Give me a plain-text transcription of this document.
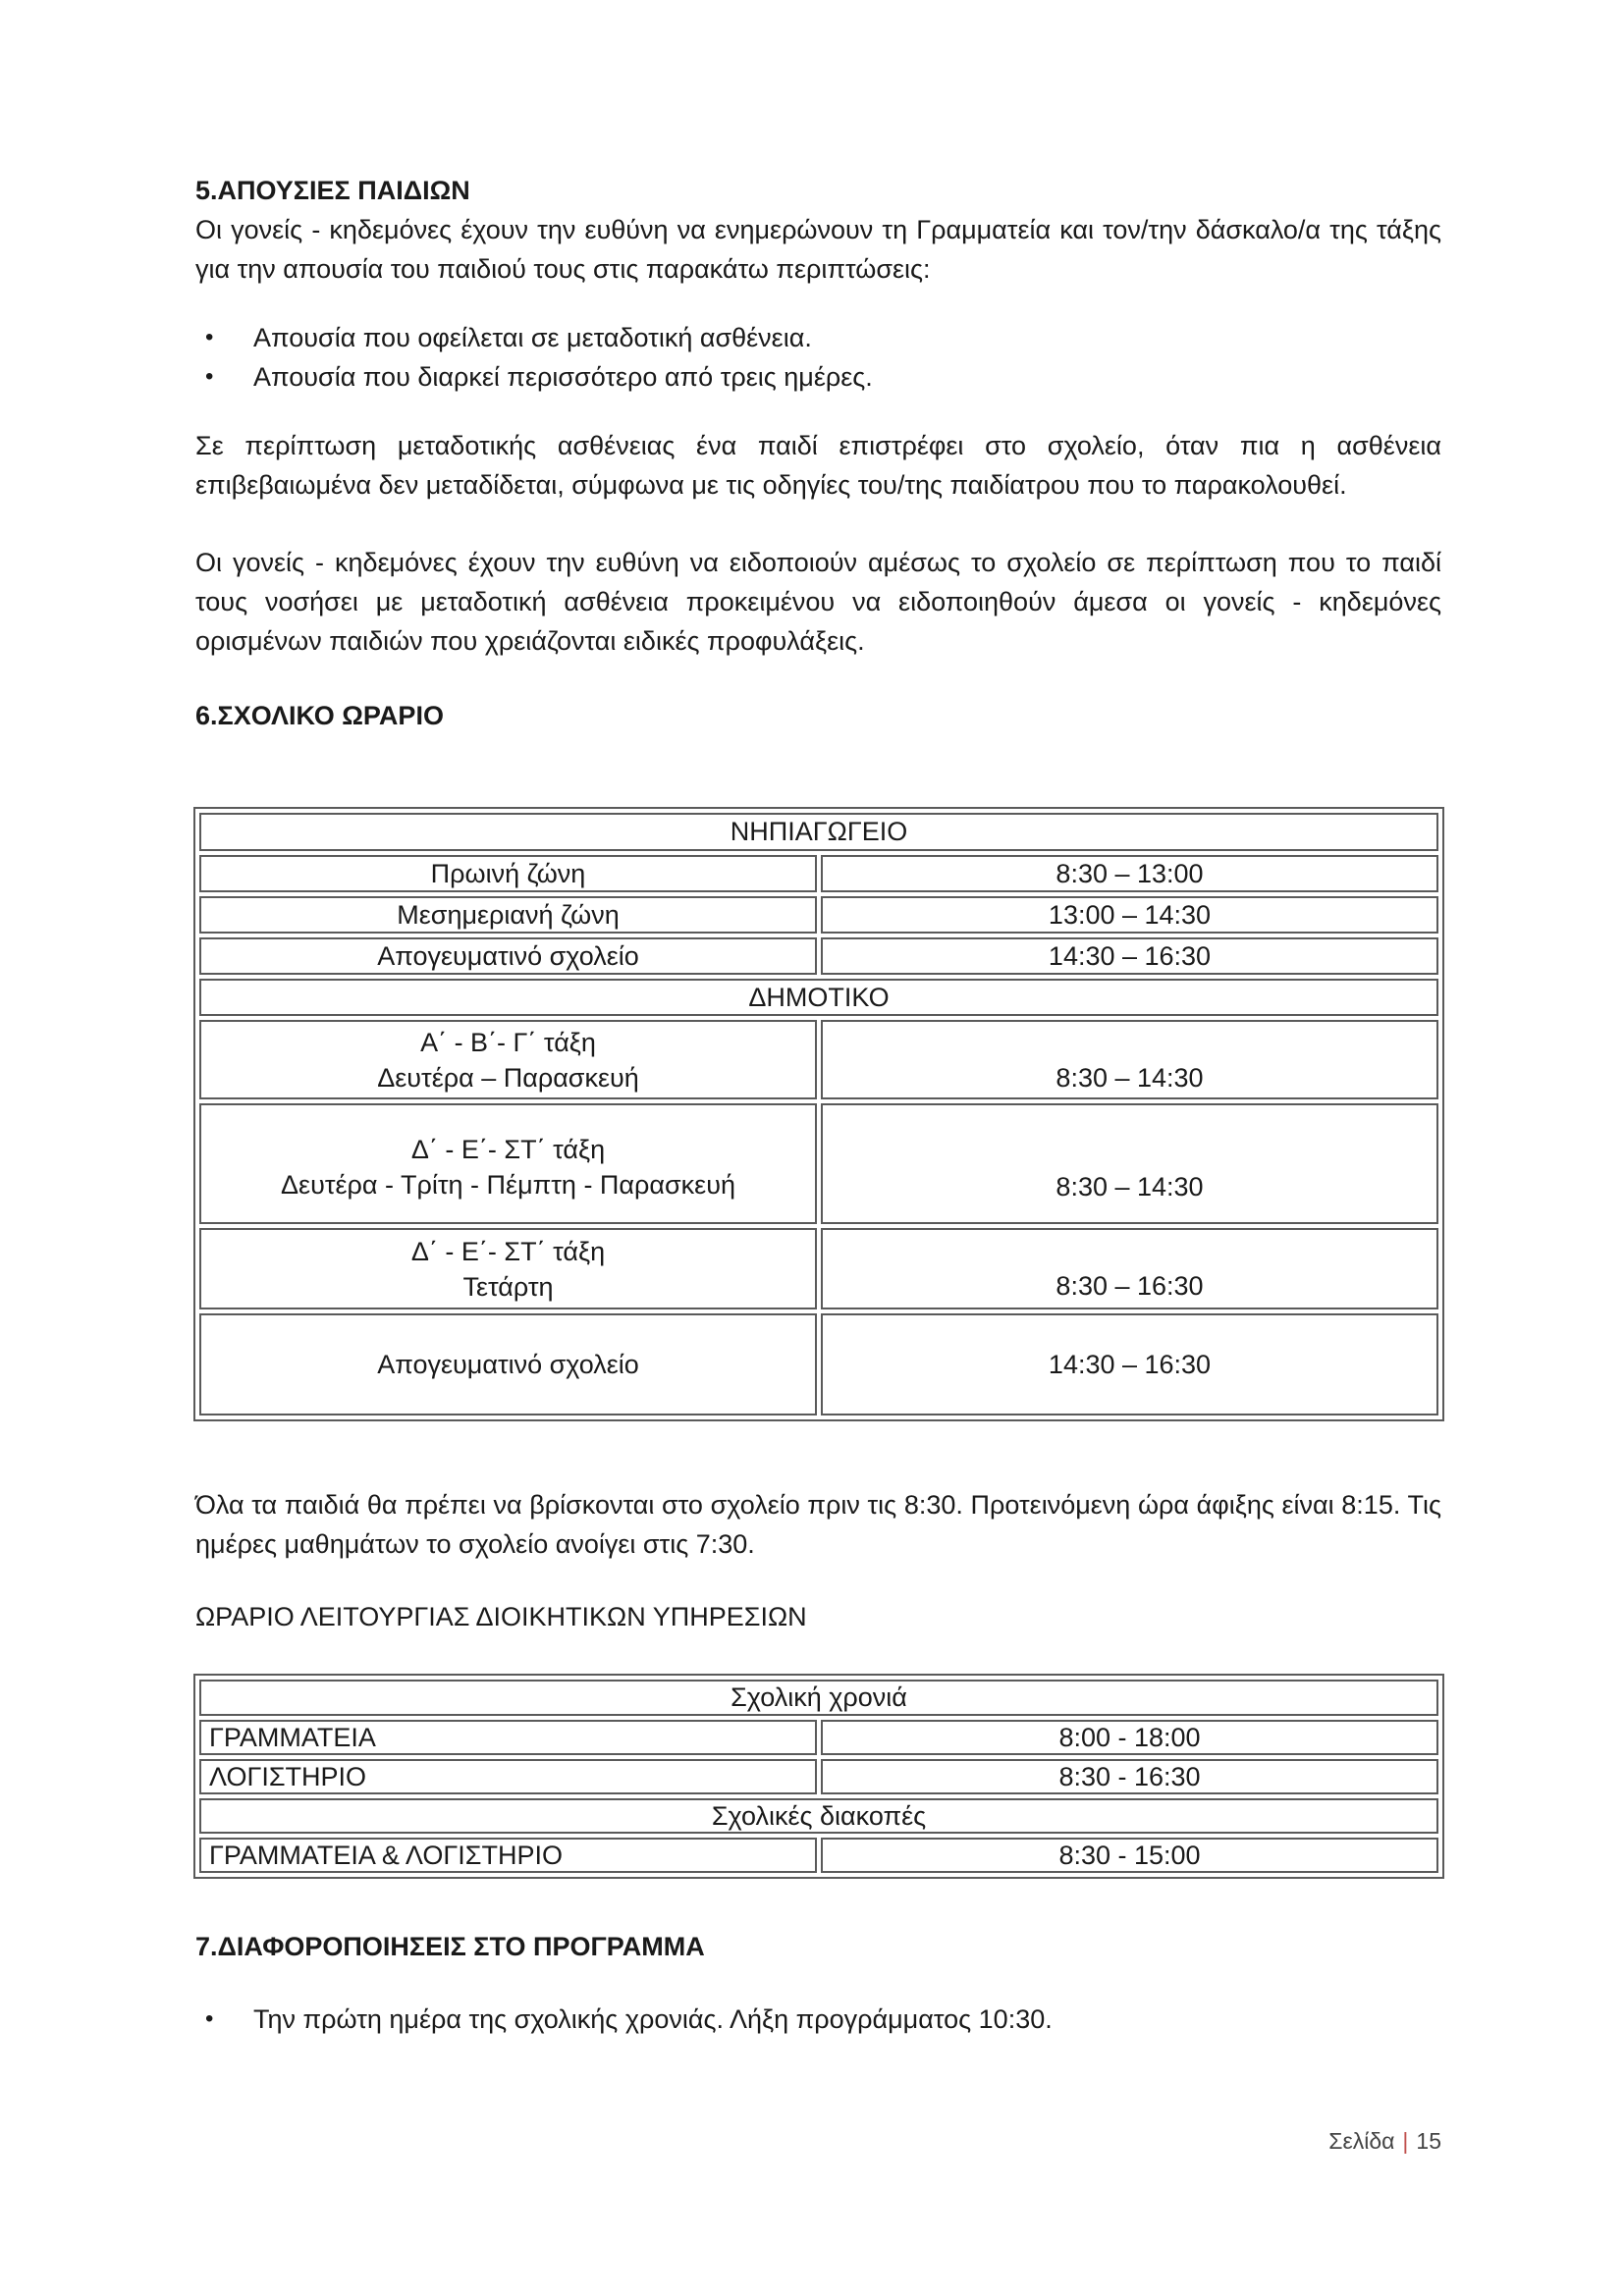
5.ΑΠΟΥΣΙΕΣ ΠΑΙΔΙΩΝ

Οι γονείς - κηδεμόνες έχουν την ευθύνη να ενημερώνουν τη Γραμματεία και τον/την δάσκαλο/α της τάξης για την απουσία του παιδιού τους στις παρακάτω περιπτώσεις:

• Απουσία που οφείλεται σε μεταδοτική ασθένεια.
• Απουσία που διαρκεί περισσότερο από τρεις ημέρες.

Σε περίπτωση μεταδοτικής ασθένειας ένα παιδί επιστρέφει στο σχολείο, όταν πια η ασθένεια επιβεβαιωμένα δεν μεταδίδεται, σύμφωνα με τις οδηγίες του/της παιδίατρου που το παρακολουθεί.

Οι γονείς - κηδεμόνες έχουν την ευθύνη να ειδοποιούν αμέσως το σχολείο σε περίπτωση που το παιδί τους νοσήσει με μεταδοτική ασθένεια προκειμένου να ειδοποιηθούν άμεσα οι γονείς - κηδεμόνες ορισμένων παιδιών που χρειάζονται ειδικές προφυλάξεις.

6.ΣΧΟΛΙΚΟ ΩΡΑΡΙΟ
ΝΗΠΙΑΓΩΓΕΙΟ	
Πρωινή ζώνη	8:30 – 13:00
Μεσημεριανή ζώνη	13:00 – 14:30
Απογευματινό σχολείο	14:30 – 16:30
ΔΗΜΟΤΙΚΟ	

Α΄ - Β΄- Γ΄ τάξη
Δευτέρα – Παρασκευή	8:30 – 14:30

Δ΄ - Ε΄- ΣΤ΄ τάξη
Δευτέρα - Τρίτη - Πέμπτη - Παρασκευή	8:30 – 14:30

Δ΄ - Ε΄- ΣΤ΄ τάξη
Τετάρτη	8:30 – 16:30
Απογευματινό σχολείο	14:30 – 16:30

Όλα τα παιδιά θα πρέπει να βρίσκονται στο σχολείο πριν τις 8:30. Προτεινόμενη ώρα άφιξης είναι 8:15. Τις ημέρες μαθημάτων το σχολείο ανοίγει στις 7:30.

ΩΡΑΡΙΟ ΛΕΙΤΟΥΡΓΙΑΣ ΔΙΟΙΚΗΤΙΚΩΝ ΥΠΗΡΕΣΙΩΝ

Σχολική χρονιά	
ΓΡΑΜΜΑΤΕΙΑ	8:00 - 18:00
ΛΟΓΙΣΤΗΡΙΟ	8:30 - 16:30
Σχολικές διακοπές	
ΓΡΑΜΜΑΤΕΙΑ & ΛΟΓΙΣΤΗΡΙΟ	8:30 - 15:00
7.ΔΙΑΦΟΡΟΠΟΙΗΣΕΙΣ ΣΤΟ ΠΡΟΓΡΑΜΜΑ
• Την πρώτη ημέρα της σχολικής χρονιάς. Λήξη προγράμματος 10:30.
Σελίδα | 15
